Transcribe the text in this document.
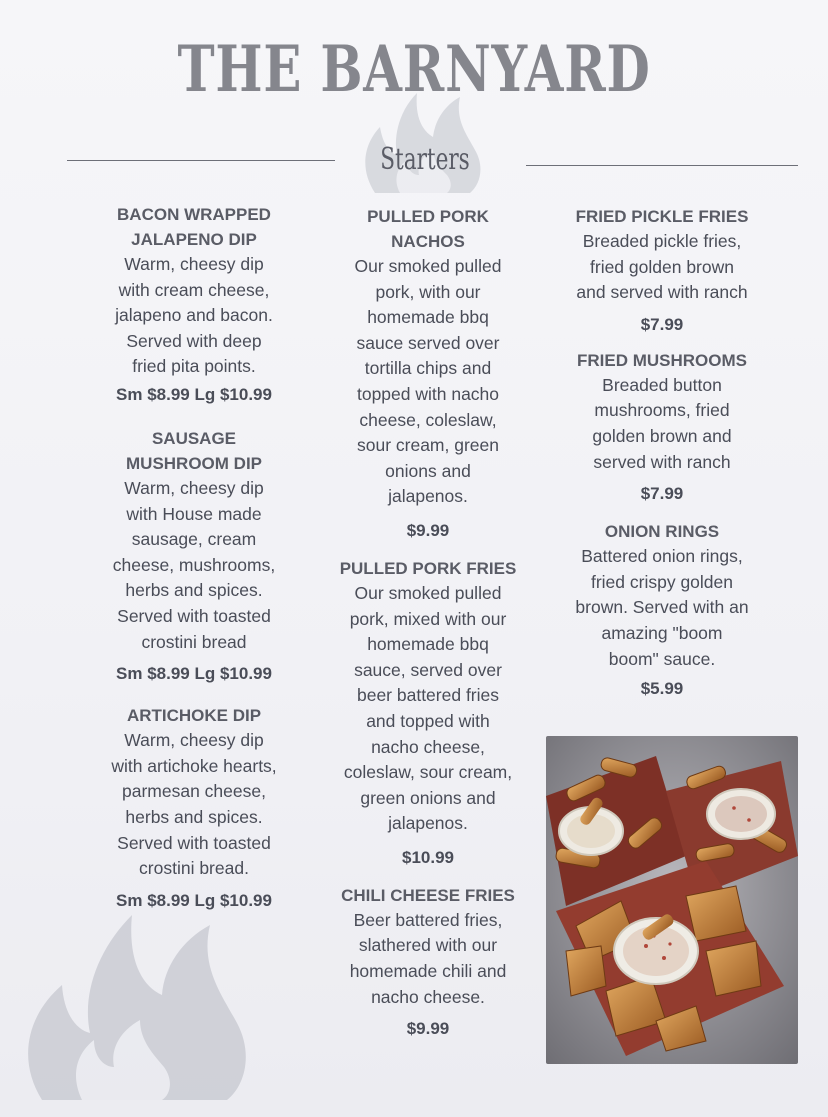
THE BARNYARD
Starters
BACON WRAPPED
JALAPENO DIP
Warm, cheesy dip
with cream cheese,
jalapeno and bacon.
Served with deep
fried pita points.
Sm $8.99 Lg $10.99
SAUSAGE
MUSHROOM DIP
Warm, cheesy dip
with House made
sausage, cream
cheese, mushrooms,
herbs and spices.
Served with toasted
crostini bread
Sm $8.99 Lg $10.99
ARTICHOKE DIP
Warm, cheesy dip
with artichoke hearts,
parmesan cheese,
herbs and spices.
Served with toasted
crostini bread.
Sm $8.99 Lg $10.99
PULLED PORK
NACHOS
Our smoked pulled
pork, with our
homemade bbq
sauce served over
tortilla chips and
topped with nacho
cheese, coleslaw,
sour cream, green
onions and
jalapenos.
$9.99
PULLED PORK FRIES
Our smoked pulled
pork, mixed with our
homemade bbq
sauce, served over
beer battered fries
and topped with
nacho cheese,
coleslaw, sour cream,
green onions and
jalapenos.
$10.99
CHILI CHEESE FRIES
Beer battered fries,
slathered with our
homemade chili and
nacho cheese.
$9.99
FRIED PICKLE FRIES
Breaded pickle fries,
fried golden brown
and served with ranch
$7.99
FRIED MUSHROOMS
Breaded button
mushrooms, fried
golden brown and
served with ranch
$7.99
ONION RINGS
Battered onion rings,
fried crispy golden
brown. Served with an
amazing "boom
boom" sauce.
$5.99
